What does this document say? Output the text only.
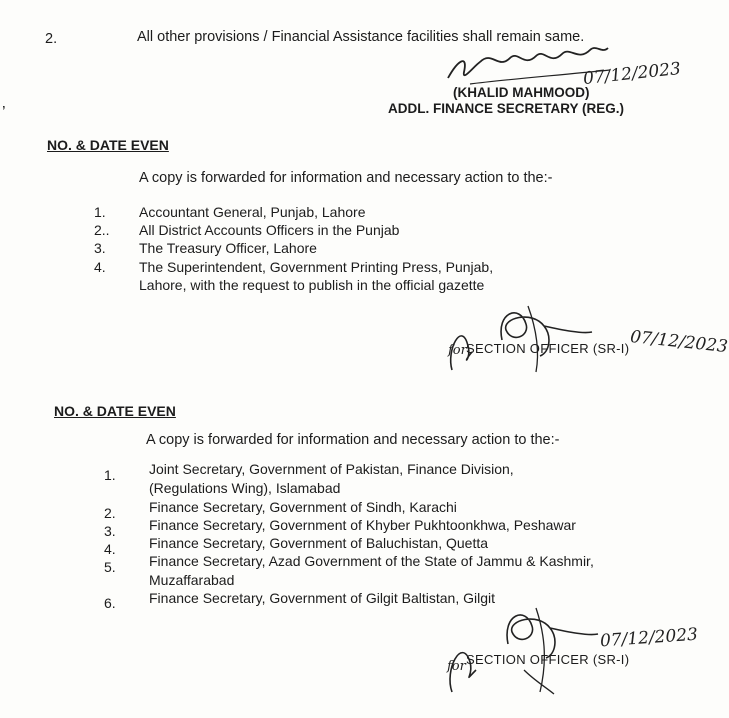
2.	All other provisions / Financial Assistance facilities shall remain same.
07/12/2023
(KHALID MAHMOOD)
ADDL. FINANCE SECRETARY (REG.)
’
NO. & DATE EVEN
A copy is forwarded for information and necessary action to the:-
1. Accountant General, Punjab, Lahore
2.. All District Accounts Officers in the Punjab
3. The Treasury Officer, Lahore
4. The Superintendent, Government Printing Press, Punjab,
Lahore, with the request to publish in the official gazette
for SECTION OFFICER (SR-I) 07/12/2023
NO. & DATE EVEN
A copy is forwarded for information and necessary action to the:-
1. Joint Secretary, Government of Pakistan, Finance Division,
(Regulations Wing), Islamabad
2. Finance Secretary, Government of Sindh, Karachi
3. Finance Secretary, Government of Khyber Pukhtoonkhwa, Peshawar
4. Finance Secretary, Government of Baluchistan, Quetta
5. Finance Secretary, Azad Government of the State of Jammu & Kashmir,
Muzaffarabad
6. Finance Secretary, Government of Gilgit Baltistan, Gilgit
for SECTION OFFICER (SR-I)
07/12/2023
